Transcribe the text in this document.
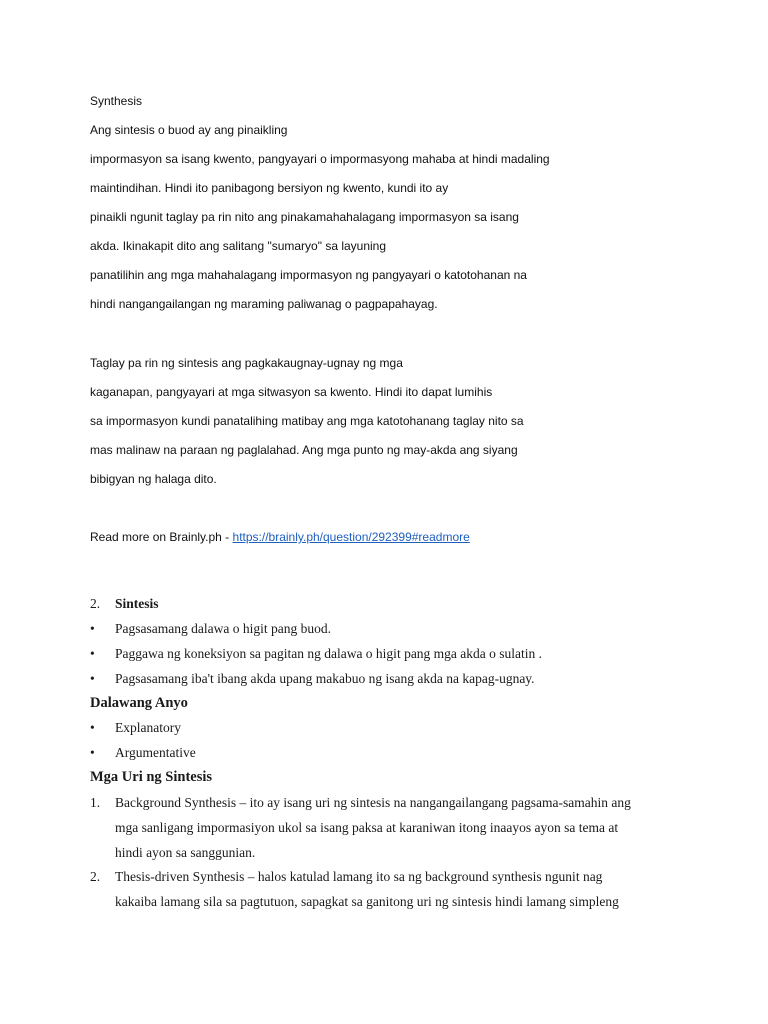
Synthesis
Ang sintesis o buod ay ang pinaikling
impormasyon sa isang kwento, pangyayari o impormasyong mahaba at hindi madaling
maintindihan. Hindi ito panibagong bersiyon ng kwento, kundi ito ay
pinaikli ngunit taglay pa rin nito ang pinakamahahalagang impormasyon sa isang
akda. Ikinakapit dito ang salitang "sumaryo" sa layuning
panatilihin ang mga mahahalagang impormasyon ng pangyayari o katotohanan na
hindi nangangailangan ng maraming paliwanag o pagpapahayag.
Taglay pa rin ng sintesis ang pagkakaugnay-ugnay ng mga
kaganapan, pangyayari at mga sitwasyon sa kwento. Hindi ito dapat lumihis
sa impormasyon kundi panatalihing matibay ang mga katotohanang taglay nito sa
mas malinaw na paraan ng paglalahad. Ang mga punto ng may-akda ang siyang
bibigyan ng halaga dito.
Read more on Brainly.ph - https://brainly.ph/question/292399#readmore
2. Sintesis
• Pagsasamang dalawa o higit pang buod.
• Paggawa ng koneksiyon sa pagitan ng dalawa o higit pang mga akda o sulatin .
• Pagsasamang iba't ibang akda upang makabuo ng isang akda na kapag-ugnay.
Dalawang Anyo
• Explanatory
• Argumentative
Mga Uri ng Sintesis
1. Background Synthesis – ito ay isang uri ng sintesis na nangangailangang pagsama-samahin ang
mga sanligang impormasiyon ukol sa isang paksa at karaniwan itong inaayos ayon sa tema at
hindi ayon sa sanggunian.
2. Thesis-driven Synthesis – halos katulad lamang ito sa ng background synthesis ngunit nag
kakaiba lamang sila sa pagtutuon, sapagkat sa ganitong uri ng sintesis hindi lamang simpleng
